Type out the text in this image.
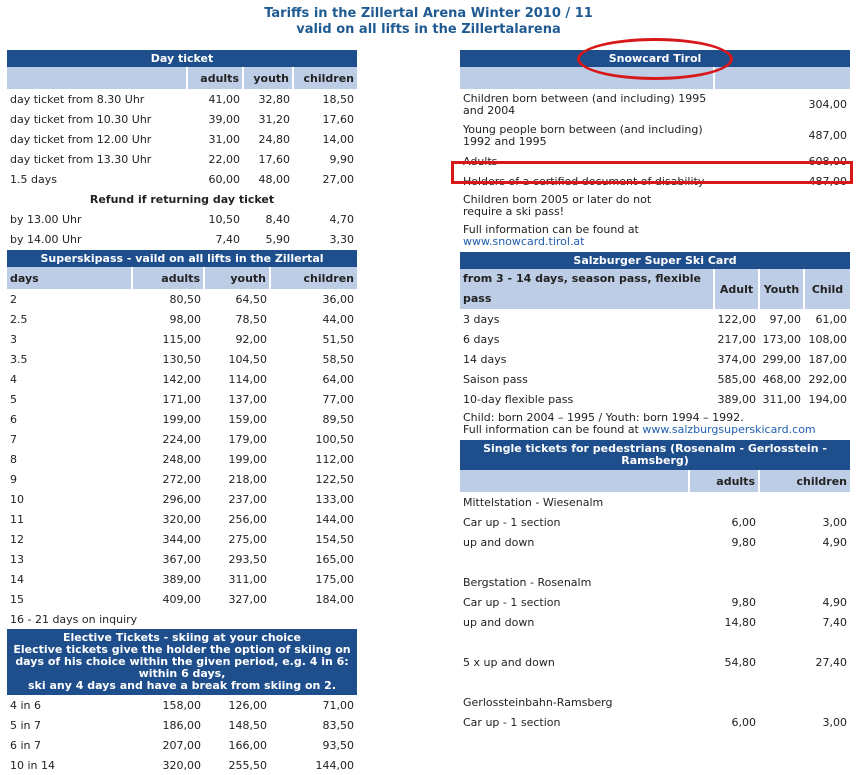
Tariffs in the Zillertal Arena Winter 2010 / 11
valid on all lifts in the Zillertalarena
Day ticket			
	adults	youth	children
day ticket from 8.30 Uhr	41,00	32,80	18,50
day ticket from 10.30 Uhr	39,00	31,20	17,60
day ticket from 12.00 Uhr	31,00	24,80	14,00
day ticket from 13.30 Uhr	22,00	17,60	9,90
1.5 days	60,00	48,00	27,00
Refund if returning day ticket			
by 13.00 Uhr	10,50	8,40	4,70
by 14.00 Uhr	7,40	5,90	3,30
Superskipass - vaild on all lifts in the Zillertal			
days	adults	youth	children
2	80,50	64,50	36,00
2.5	98,00	78,50	44,00
3	115,00	92,00	51,50
3.5	130,50	104,50	58,50
4	142,00	114,00	64,00
5	171,00	137,00	77,00
6	199,00	159,00	89,50
7	224,00	179,00	100,50
8	248,00	199,00	112,00
9	272,00	218,00	122,50
10	296,00	237,00	133,00
11	320,00	256,00	144,00
12	344,00	275,00	154,50
13	367,00	293,50	165,00
14	389,00	311,00	175,00
15	409,00	327,00	184,00
16 - 21 days on inquiry			

Elective Tickets - skiing at your choice
Elective tickets give the holder the option of skiing on days of his choice within the given period, e.g. 4 in 6: within 6 days,
ski any 4 days and have a break from skiing on 2.			

4 in 6	158,00	126,00	71,00
5 in 7	186,00	148,50	83,50
6 in 7	207,00	166,00	93,50
10 in 14	320,00	255,50	144,00
Snowcard Tirol	

Children born between (and including) 1995 and 2004	304,00
Young people born between (and including) 1992 and 1995	487,00
Adults	608,00
Holders of a certified document of disability	487,00
Children born 2005 or later do not require a ski pass!	

Full information can be found at
www.snowcard.tirol.at	
Salzburger Super Ski Card			
from 3 - 14 days, season pass, flexible pass	Adult	Youth	Child
3 days	122,00	97,00	61,00
6 days	217,00	173,00	108,00
14 days	374,00	299,00	187,00
Saison pass	585,00	468,00	292,00
10-day flexible pass	389,00	311,00	194,00

Child: born 2004 – 1995 / Youth: born 1994 – 1992.
Full information can be found at www.salzburgsuperskicard.com			
Single tickets for pedestrians (Rosenalm - Gerlosstein - Ramsberg)		
	adults	children
Mittelstation - Wiesenalm		
Car up - 1 section	6,00	3,00
up and down	9,80	4,90

Bergstation - Rosenalm		
Car up - 1 section	9,80	4,90
up and down	14,80	7,40

5 x up and down	54,80	27,40

Gerlossteinbahn-Ramsberg		
Car up - 1 section	6,00	3,00
